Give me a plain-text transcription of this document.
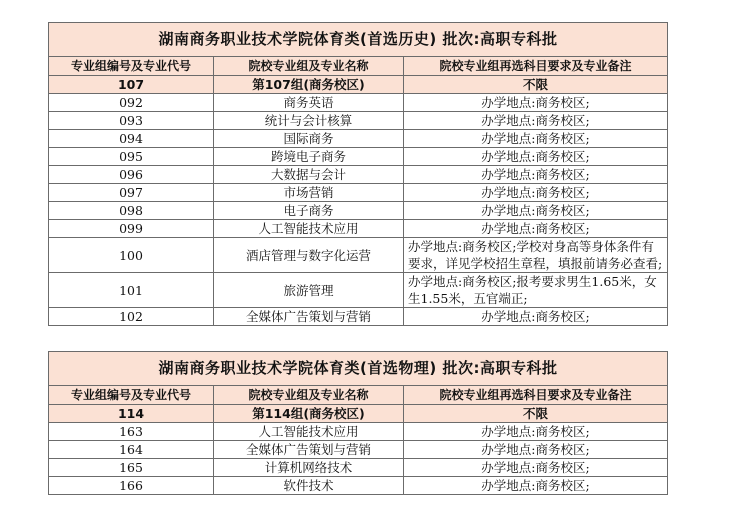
湖南商务职业技术学院体育类(首选历史) 批次:高职专科批		
专业组编号及专业代号	院校专业组及专业名称	院校专业组再选科目要求及专业备注
107	第107组(商务校区)	不限
092	商务英语	办学地点:商务校区;
093	统计与会计核算	办学地点:商务校区;
094	国际商务	办学地点:商务校区;
095	跨境电子商务	办学地点:商务校区;
096	大数据与会计	办学地点:商务校区;
097	市场营销	办学地点:商务校区;
098	电子商务	办学地点:商务校区;
099	人工智能技术应用	办学地点:商务校区;
100	酒店管理与数字化运营	办学地点:商务校区;学校对身高等身体条件有要求，详见学校招生章程，填报前请务必查看;
101	旅游管理	办学地点:商务校区;报考要求男生1.65米，女生1.55米，五官端正;
102	全媒体广告策划与营销	办学地点:商务校区;
湖南商务职业技术学院体育类(首选物理) 批次:高职专科批		
专业组编号及专业代号	院校专业组及专业名称	院校专业组再选科目要求及专业备注
114	第114组(商务校区)	不限
163	人工智能技术应用	办学地点:商务校区;
164	全媒体广告策划与营销	办学地点:商务校区;
165	计算机网络技术	办学地点:商务校区;
166	软件技术	办学地点:商务校区;
